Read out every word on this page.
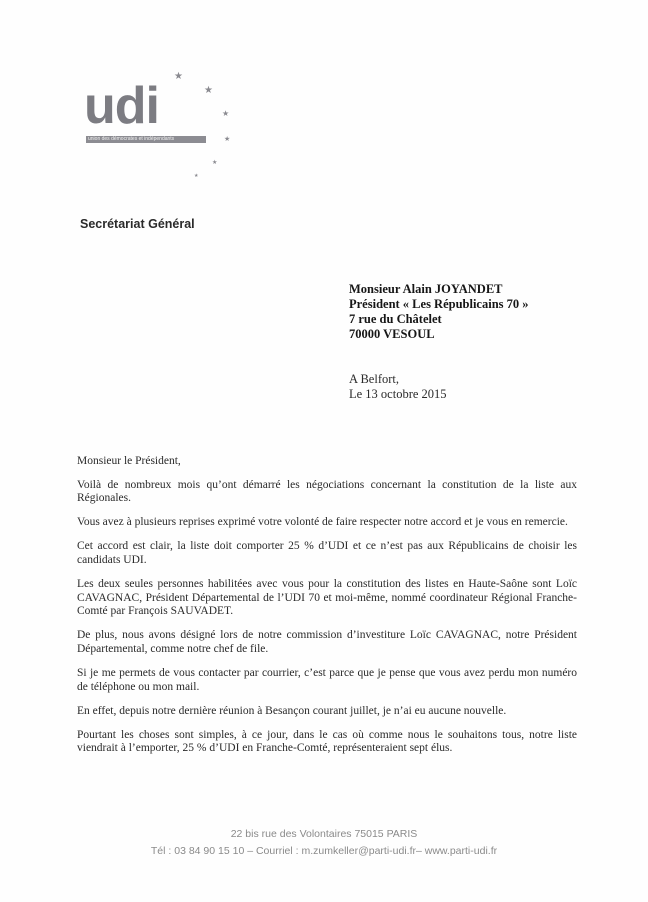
udi
union des démocrates et indépendants
★
★
★
★
★
★
Secrétariat Général
Monsieur Alain JOYANDET
Président « Les Républicains 70 »
7 rue du Châtelet
70000 VESOUL
A Belfort,
Le 13 octobre 2015

Monsieur le Président,

Voilà de nombreux mois qu’ont démarré les négociations concernant la constitution de la liste aux Régionales.

Vous avez à plusieurs reprises exprimé votre volonté de faire respecter notre accord et je vous en remercie.

Cet accord est clair, la liste doit comporter 25 % d’UDI et ce n’est pas aux Républicains de choisir les candidats UDI.

Les deux seules personnes habilitées avec vous pour la constitution des listes en Haute-Saône sont Loïc CAVAGNAC, Président Départemental de l’UDI 70 et moi-même, nommé coordinateur Régional Franche-Comté par François SAUVADET.

De plus, nous avons désigné lors de notre commission d’investiture Loïc CAVAGNAC, notre Président Départemental, comme notre chef de file.

Si je me permets de vous contacter par courrier, c’est parce que je pense que vous avez perdu mon numéro de téléphone ou mon mail.

En effet, depuis notre dernière réunion à Besançon courant juillet, je n’ai eu aucune nouvelle.

Pourtant les choses sont simples, à ce jour, dans le cas où comme nous le souhaitons tous, notre liste viendrait à l’emporter, 25 % d’UDI en Franche-Comté, représenteraient sept élus.

22 bis rue des Volontaires 75015 PARIS
Tél : 03 84 90 15 10 – Courriel : m.zumkeller@parti-udi.fr– www.parti-udi.fr
